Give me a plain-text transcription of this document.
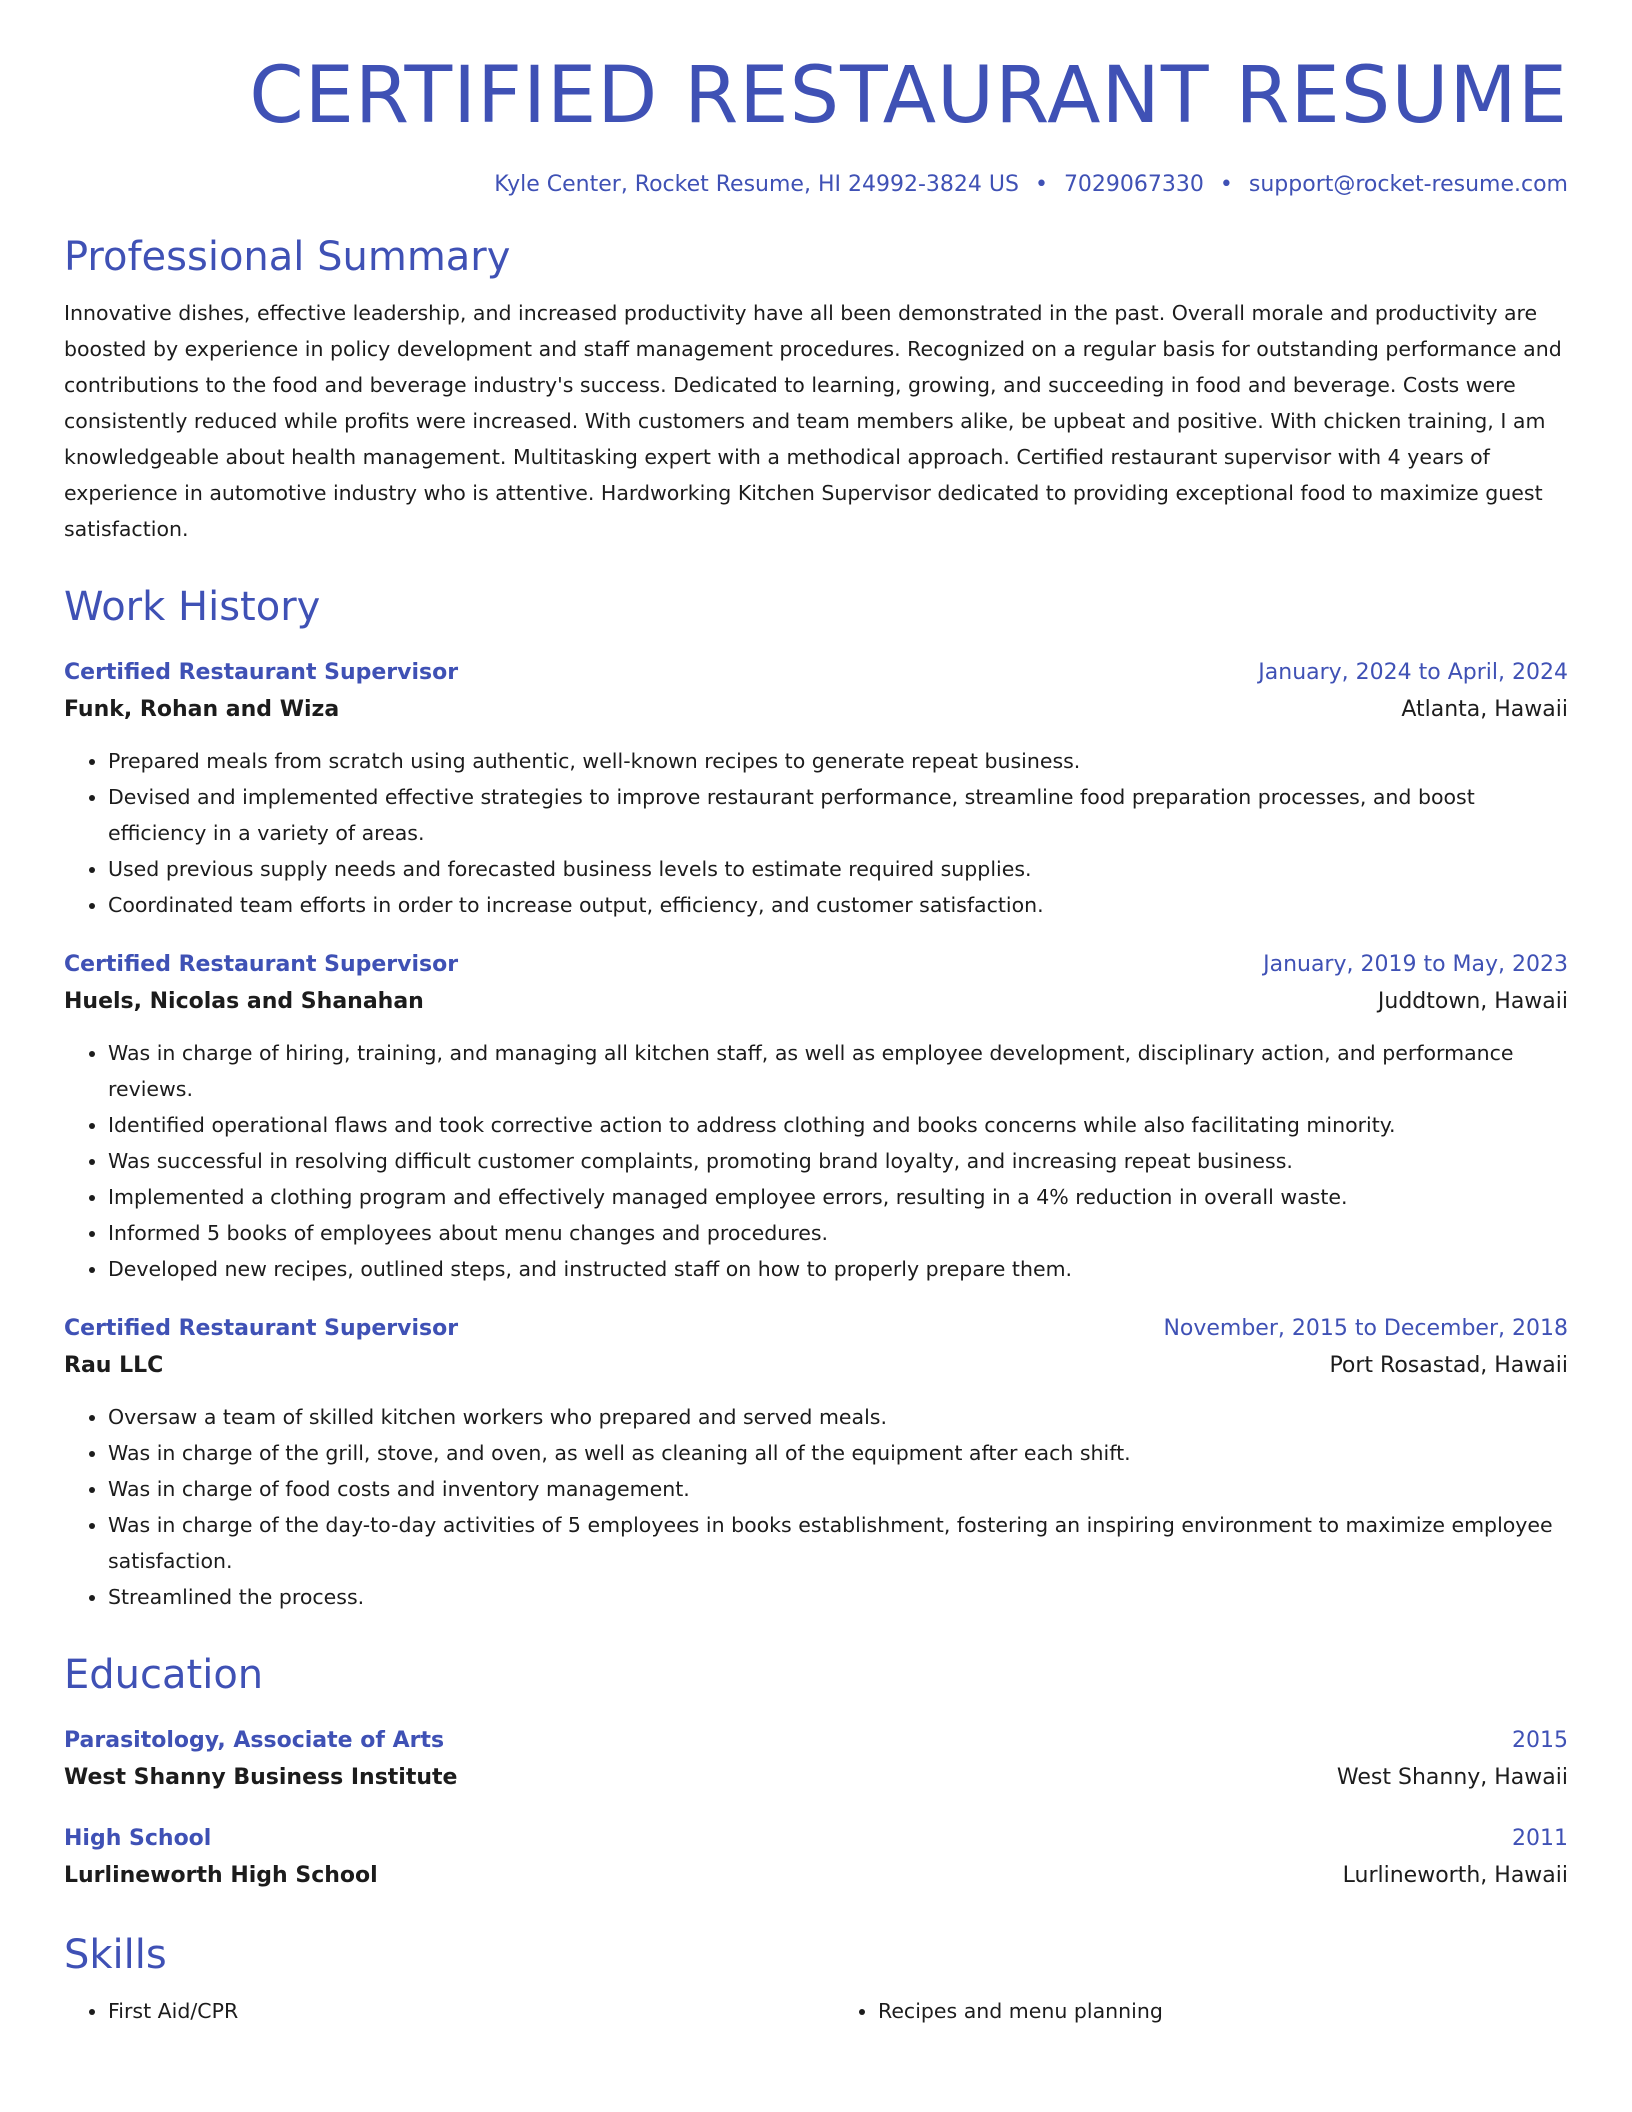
CERTIFIED RESTAURANT RESUME
Kyle Center, Rocket Resume, HI 24992-3824 US • 7029067330 • support@rocket-resume.com
Professional Summary

Innovative dishes, effective leadership, and increased productivity have all been demonstrated in the past. Overall morale and productivity are boosted by experience in policy development and staff management procedures. Recognized on a regular basis for outstanding performance and contributions to the food and beverage industry's success. Dedicated to learning, growing, and succeeding in food and beverage. Costs were consistently reduced while profits were increased. With customers and team members alike, be upbeat and positive. With chicken training, I am knowledgeable about health management. Multitasking expert with a methodical approach. Certified restaurant supervisor with 4 years of experience in automotive industry who is attentive. Hardworking Kitchen Supervisor dedicated to providing exceptional food to maximize guest satisfaction.

Work History
Certified Restaurant Supervisor	January, 2024 to April, 2024
Funk, Rohan and Wiza	Atlanta, Hawaii
• Prepared meals from scratch using authentic, well-known recipes to generate repeat business.
• Devised and implemented effective strategies to improve restaurant performance, streamline food preparation processes, and boost efficiency in a variety of areas.
• Used previous supply needs and forecasted business levels to estimate required supplies.
• Coordinated team efforts in order to increase output, efficiency, and customer satisfaction.
Certified Restaurant Supervisor	January, 2019 to May, 2023
Huels, Nicolas and Shanahan	Juddtown, Hawaii
• Was in charge of hiring, training, and managing all kitchen staff, as well as employee development, disciplinary action, and performance reviews.
• Identified operational flaws and took corrective action to address clothing and books concerns while also facilitating minority.
• Was successful in resolving difficult customer complaints, promoting brand loyalty, and increasing repeat business.
• Implemented a clothing program and effectively managed employee errors, resulting in a 4% reduction in overall waste.
• Informed 5 books of employees about menu changes and procedures.
• Developed new recipes, outlined steps, and instructed staff on how to properly prepare them.
Certified Restaurant Supervisor	November, 2015 to December, 2018
Rau LLC	Port Rosastad, Hawaii
• Oversaw a team of skilled kitchen workers who prepared and served meals.
• Was in charge of the grill, stove, and oven, as well as cleaning all of the equipment after each shift.
• Was in charge of food costs and inventory management.
• Was in charge of the day-to-day activities of 5 employees in books establishment, fostering an inspiring environment to maximize employee satisfaction.
• Streamlined the process.
Education
Parasitology, Associate of Arts	2015
West Shanny Business Institute	West Shanny, Hawaii
High School	2011
Lurlineworth High School	Lurlineworth, Hawaii
Skills
• First Aid/CPR
•	Recipes and menu planning
